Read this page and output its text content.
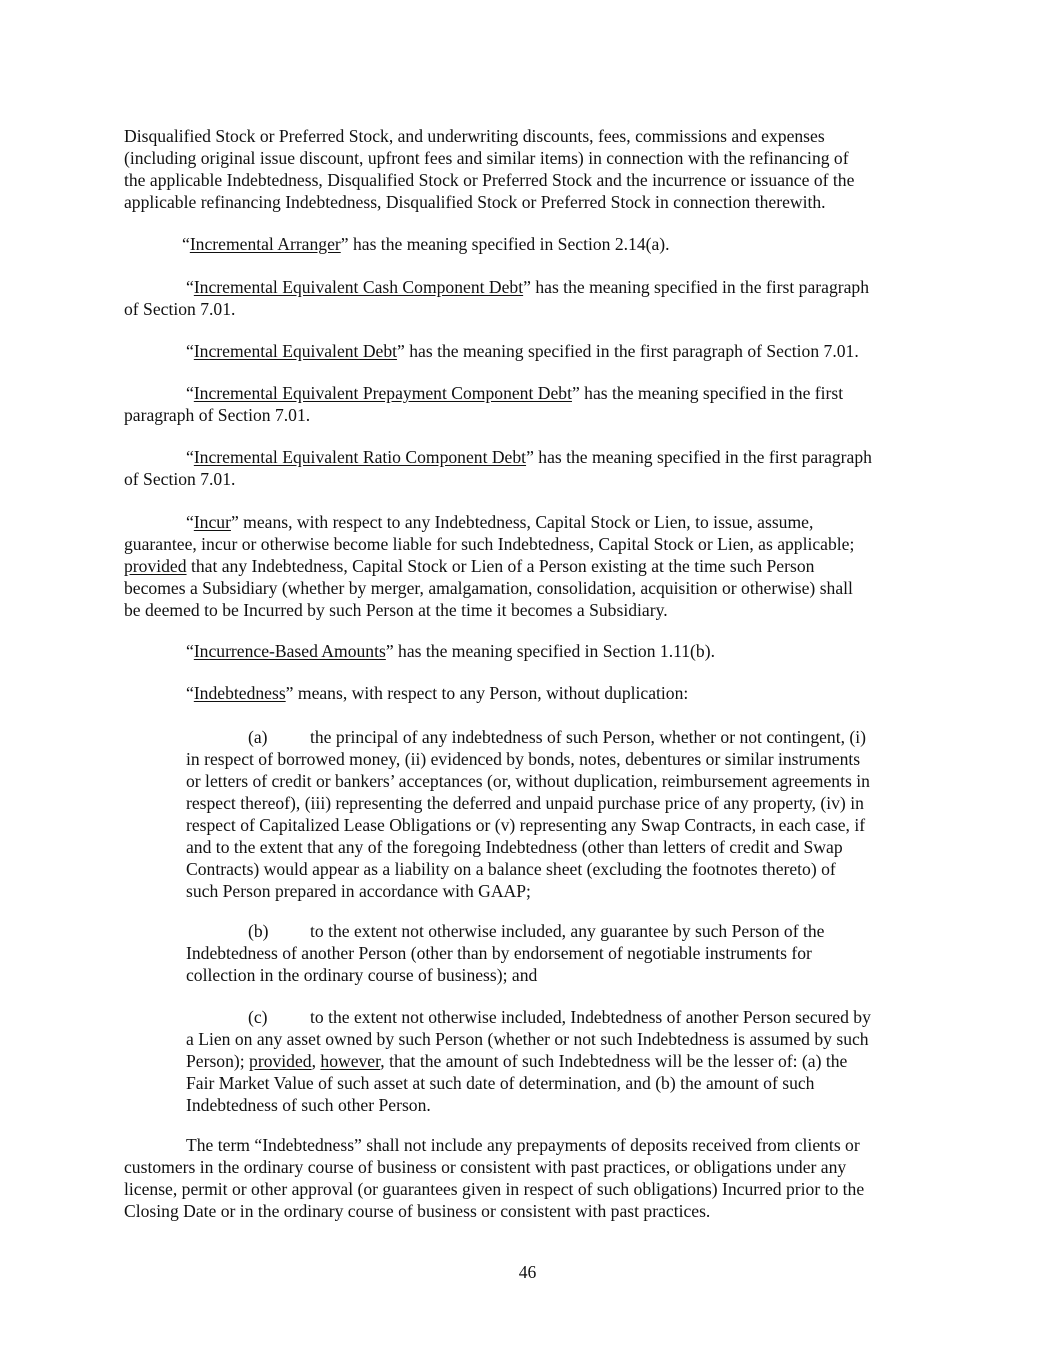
Disqualified Stock or Preferred Stock, and underwriting discounts, fees, commissions and expenses
(including original issue discount, upfront fees and similar items) in connection with the refinancing of
the applicable Indebtedness, Disqualified Stock or Preferred Stock and the incurrence or issuance of the
applicable refinancing Indebtedness, Disqualified Stock or Preferred Stock in connection therewith.
“Incremental Arranger” has the meaning specified in Section 2.14(a).
“Incremental Equivalent Cash Component Debt” has the meaning specified in the first paragraph
of Section 7.01.
“Incremental Equivalent Debt” has the meaning specified in the first paragraph of Section 7.01.
“Incremental Equivalent Prepayment Component Debt” has the meaning specified in the first
paragraph of Section 7.01.
“Incremental Equivalent Ratio Component Debt” has the meaning specified in the first paragraph
of Section 7.01.
“Incur” means, with respect to any Indebtedness, Capital Stock or Lien, to issue, assume,
guarantee, incur or otherwise become liable for such Indebtedness, Capital Stock or Lien, as applicable;
provided that any Indebtedness, Capital Stock or Lien of a Person existing at the time such Person
becomes a Subsidiary (whether by merger, amalgamation, consolidation, acquisition or otherwise) shall
be deemed to be Incurred by such Person at the time it becomes a Subsidiary.
“Incurrence-Based Amounts” has the meaning specified in Section 1.11(b).
“Indebtedness” means, with respect to any Person, without duplication:
(a) the principal of any indebtedness of such Person, whether or not contingent, (i)
in respect of borrowed money, (ii) evidenced by bonds, notes, debentures or similar instruments
or letters of credit or bankers’ acceptances (or, without duplication, reimbursement agreements in
respect thereof), (iii) representing the deferred and unpaid purchase price of any property, (iv) in
respect of Capitalized Lease Obligations or (v) representing any Swap Contracts, in each case, if
and to the extent that any of the foregoing Indebtedness (other than letters of credit and Swap
Contracts) would appear as a liability on a balance sheet (excluding the footnotes thereto) of
such Person prepared in accordance with GAAP;
(b) to the extent not otherwise included, any guarantee by such Person of the
Indebtedness of another Person (other than by endorsement of negotiable instruments for
collection in the ordinary course of business); and
(c) to the extent not otherwise included, Indebtedness of another Person secured by
a Lien on any asset owned by such Person (whether or not such Indebtedness is assumed by such
Person); provided, however, that the amount of such Indebtedness will be the lesser of: (a) the
Fair Market Value of such asset at such date of determination, and (b) the amount of such
Indebtedness of such other Person.
The term “Indebtedness” shall not include any prepayments of deposits received from clients or
customers in the ordinary course of business or consistent with past practices, or obligations under any
license, permit or other approval (or guarantees given in respect of such obligations) Incurred prior to the
Closing Date or in the ordinary course of business or consistent with past practices.
46
